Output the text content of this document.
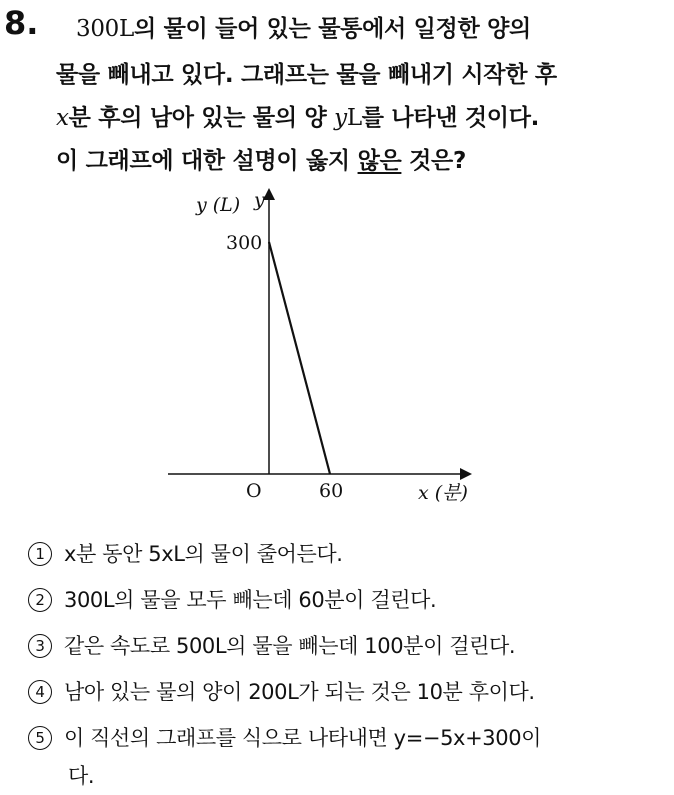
8. 300L의 물이 들어 있는 물통에서 일정한 양의
물을 빼내고 있다. 그래프는 물을 빼내기 시작한 후
x분 후의 남아 있는 물의 양 yL를 나타낸 것이다.
이 그래프에 대한 설명이 옳지 않은 것은?
y (L) y
300
O	60	x (분)
1 x분 동안 5xL의 물이 줄어든다.
2 300L의 물을 모두 빼는데 60분이 걸린다.
3 같은 속도로 500L의 물을 빼는데 100분이 걸린다.
4 남아 있는 물의 양이 200L가 되는 것은 10분 후이다.
5 이 직선의 그래프를 식으로 나타내면 y=−5x+300이
다.
